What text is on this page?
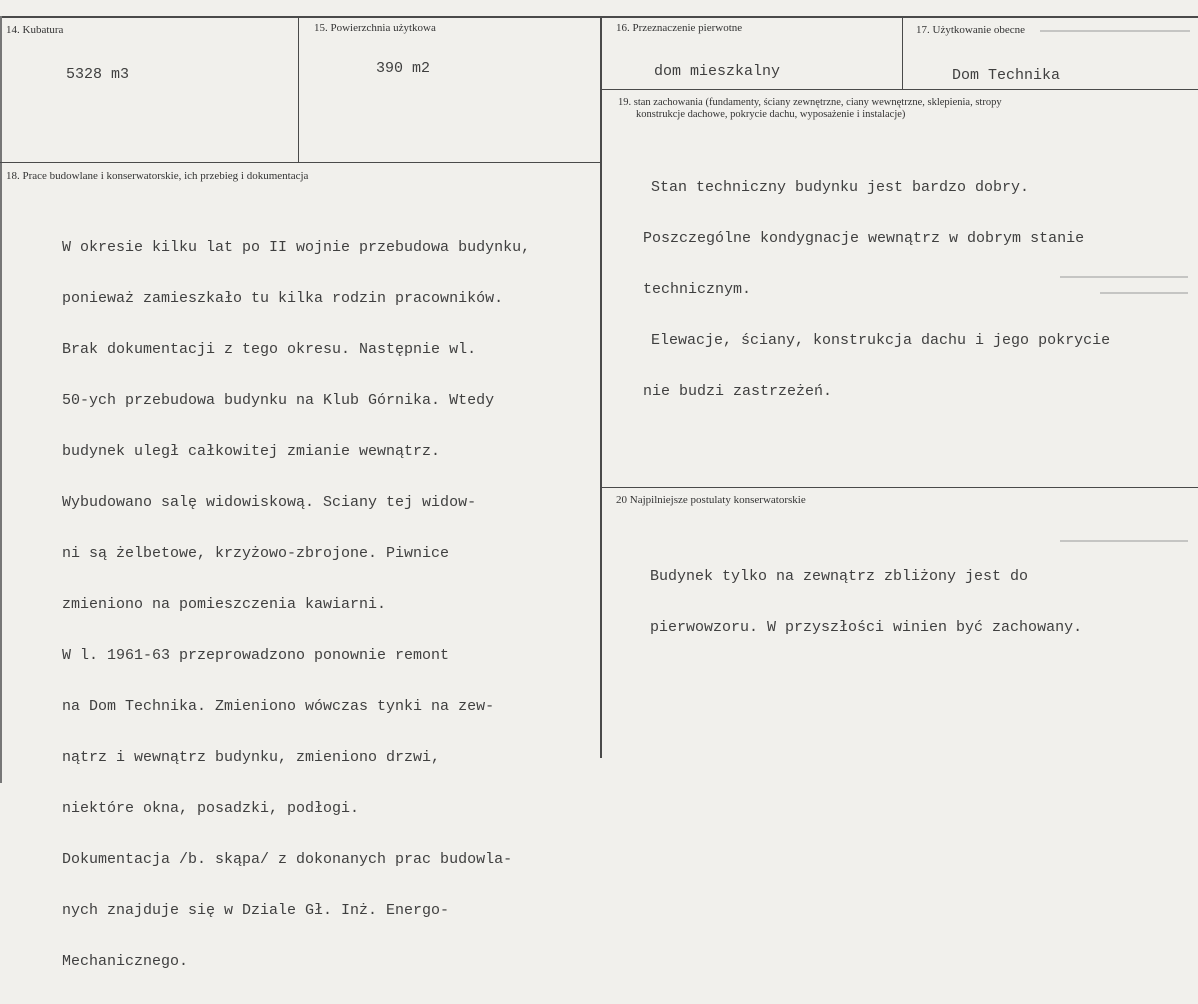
14. Kubatura
5328 m3
15. Powierzchnia użytkowa
390 m2
16. Przeznaczenie pierwotne
dom mieszkalny
17. Użytkowanie obecne
Dom Technika
18. Prace budowlane i konserwatorskie, ich przebieg i dokumentacja

W okresie kilku lat po II wojnie przebudowa budynku,

ponieważ zamieszkało tu kilka rodzin pracowników.

Brak dokumentacji z tego okresu. Następnie wl.

50-ych przebudowa budynku na Klub Górnika. Wtedy

budynek uległ całkowitej zmianie wewnątrz.

Wybudowano salę widowiskową. Sciany tej widow-

ni są żelbetowe, krzyżowo-zbrojone. Piwnice

zmieniono na pomieszczenia kawiarni.

W l. 1961-63 przeprowadzono ponownie remont

na Dom Technika. Zmieniono wówczas tynki na zew-

nątrz i wewnątrz budynku, zmieniono drzwi,

niektóre okna, posadzki, podłogi.

Dokumentacja /b. skąpa/ z dokonanych prac budowla-

nych znajduje się w Dziale Gł. Inż. Energo-

Mechanicznego.

19. stan zachowania (fundamenty, ściany zewnętrzne, ciany wewnętrzne, sklepienia, stropy
konstrukcje dachowe, pokrycie dachu, wyposażenie i instalacje)

Stan techniczny budynku jest bardzo dobry.

Poszczególne kondygnacje wewnątrz w dobrym stanie

technicznym.

Elewacje, ściany, konstrukcja dachu i jego pokrycie

nie budzi zastrzeżeń.

20 Najpilniejsze postulaty konserwatorskie

Budynek tylko na zewnątrz zbliżony jest do

pierwowzoru. W przyszłości winien być zachowany.
